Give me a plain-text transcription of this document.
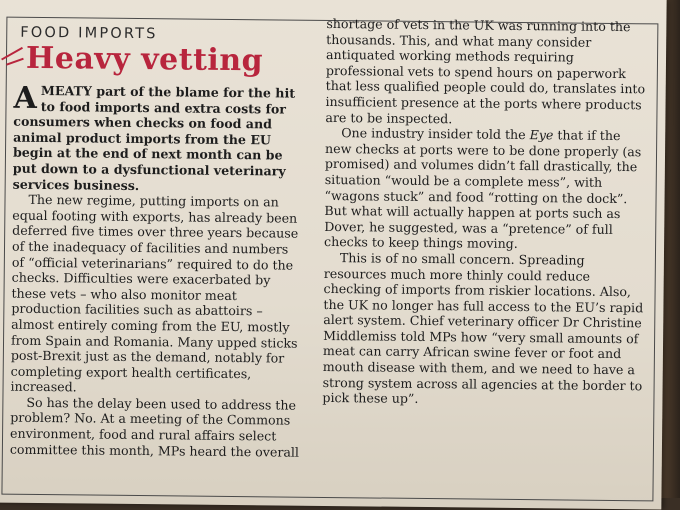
FOOD IMPORTS
Heavy vetting

AMEATY part of the blame for the hit to food imports and extra costs for consumers when checks on food and animal product imports from the EU begin at the end of next month can be put down to a dysfunctional veterinary services business.

The new regime, putting imports on an equal footing with exports, has already been deferred five times over three years because of the inadequacy of facilities and numbers of “official veterinarians” required to do the checks. Difficulties were exacerbated by these vets – who also monitor meat production facilities such as abattoirs – almost entirely coming from the EU, mostly from Spain and Romania. Many upped sticks post-Brexit just as the demand, notably for completing export health certificates, increased.

So has the delay been used to address the problem? No. At a meeting of the Commons environment, food and rural affairs select committee this month, MPs heard the overall

shortage of vets in the UK was running into the thousands. This, and what many consider antiquated working methods requiring professional vets to spend hours on paperwork that less qualified people could do, translates into insufficient presence at the ports where products are to be inspected.

One industry insider told the Eye that if the new checks at ports were to be done properly (as promised) and volumes didn’t fall drastically, the situation “would be a complete mess”, with “wagons stuck” and food “rotting on the dock”. But what will actually happen at ports such as Dover, he suggested, was a “pretence” of full checks to keep things moving.

This is of no small concern. Spreading resources much more thinly could reduce checking of imports from riskier locations. Also, the UK no longer has full access to the EU’s rapid alert system. Chief veterinary officer Dr Christine Middlemiss told MPs how “very small amounts of meat can carry African swine fever or foot and mouth disease with them, and we need to have a strong system across all agencies at the border to pick these up”.
